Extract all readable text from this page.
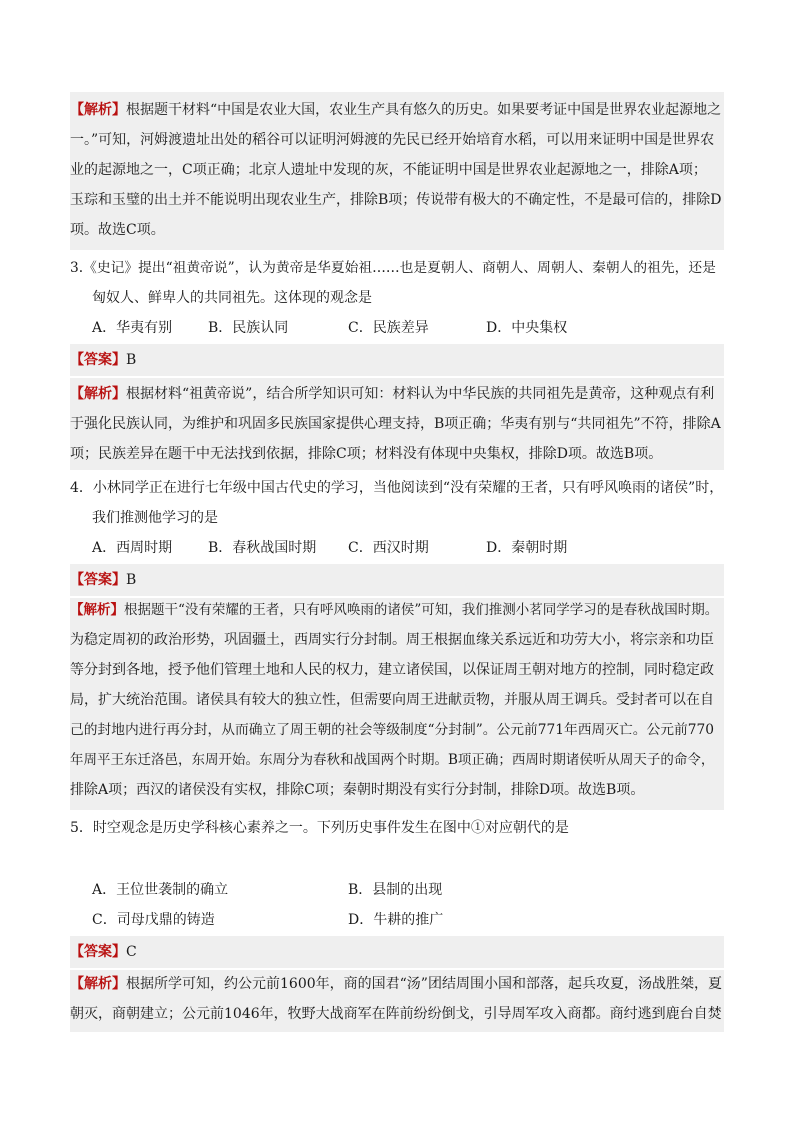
【解析】根据题干材料“中国是农业大国，农业生产具有悠久的历史。如果要考证中国是世界农业起源地之
一。”可知，河姆渡遗址出处的稻谷可以证明河姆渡的先民已经开始培育水稻，可以用来证明中国是世界农
业的起源地之一，C项正确；北京人遗址中发现的灰，不能证明中国是世界农业起源地之一，排除A项；
玉琮和玉璧的出土并不能说明出现农业生产，排除B项；传说带有极大的不确定性，不是最可信的，排除D
项。故选C项。
3.《史记》提出“祖黄帝说”，认为黄帝是华夏始祖……也是夏朝人、商朝人、周朝人、秦朝人的祖先，还是
匈奴人、鲜卑人的共同祖先。这体现的观念是
A．华夷有别	B．民族认同	C．民族差异	D．中央集权
【答案】B
【解析】根据材料“祖黄帝说”，结合所学知识可知：材料认为中华民族的共同祖先是黄帝，这种观点有利
于强化民族认同，为维护和巩固多民族国家提供心理支持，B项正确；华夷有别与“共同祖先”不符，排除A
项；民族差异在题干中无法找到依据，排除C项；材料没有体现中央集权，排除D项。故选B项。
4．小林同学正在进行七年级中国古代史的学习，当他阅读到“没有荣耀的王者，只有呼风唤雨的诸侯”时，
我们推测他学习的是
A．西周时期	B．春秋战国时期 C．西汉时期	D．秦朝时期
【答案】B
【解析】根据题干“没有荣耀的王者，只有呼风唤雨的诸侯”可知，我们推测小茗同学学习的是春秋战国时期。
为稳定周初的政治形势，巩固疆土，西周实行分封制。周王根据血缘关系远近和功劳大小，将宗亲和功臣
等分封到各地，授予他们管理土地和人民的权力，建立诸侯国，以保证周王朝对地方的控制，同时稳定政
局，扩大统治范围。诸侯具有较大的独立性，但需要向周王进献贡物，并服从周王调兵。受封者可以在自
己的封地内进行再分封，从而确立了周王朝的社会等级制度“分封制”。公元前771年西周灭亡。公元前770
年周平王东迁洛邑，东周开始。东周分为春秋和战国两个时期。B项正确；西周时期诸侯听从周天子的命令，
排除A项；西汉的诸侯没有实权，排除C项；秦朝时期没有实行分封制，排除D项。故选B项。
5．时空观念是历史学科核心素养之一。下列历史事件发生在图中①对应朝代的是
A．王位世袭制的确立	B．县制的出现
C．司母戊鼎的铸造	D．牛耕的推广
【答案】C
【解析】根据所学可知，约公元前1600年，商的国君“汤”团结周围小国和部落，起兵攻夏，汤战胜桀，夏
朝灭，商朝建立；公元前1046年，牧野大战商军在阵前纷纷倒戈，引导周军攻入商都。商纣逃到鹿台自焚
